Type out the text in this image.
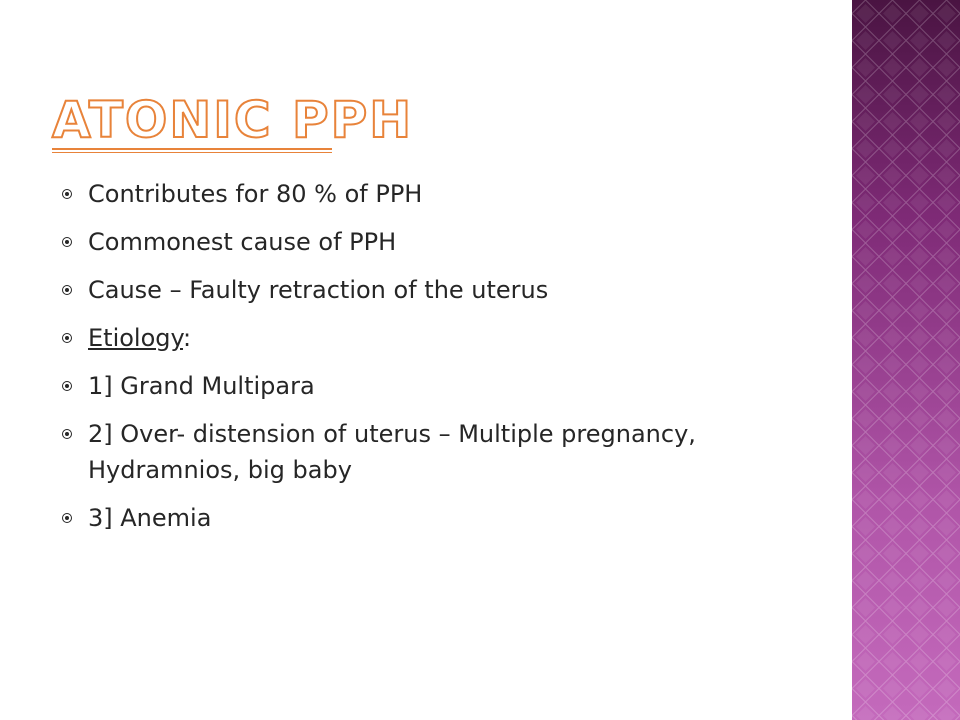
ATONIC PPH
Contributes for 80 % of PPH
Commonest cause of PPH
Cause – Faulty retraction of the uterus
Etiology:
1] Grand Multipara
2] Over- distension of uterus – Multiple pregnancy, Hydramnios, big baby
3] Anemia
